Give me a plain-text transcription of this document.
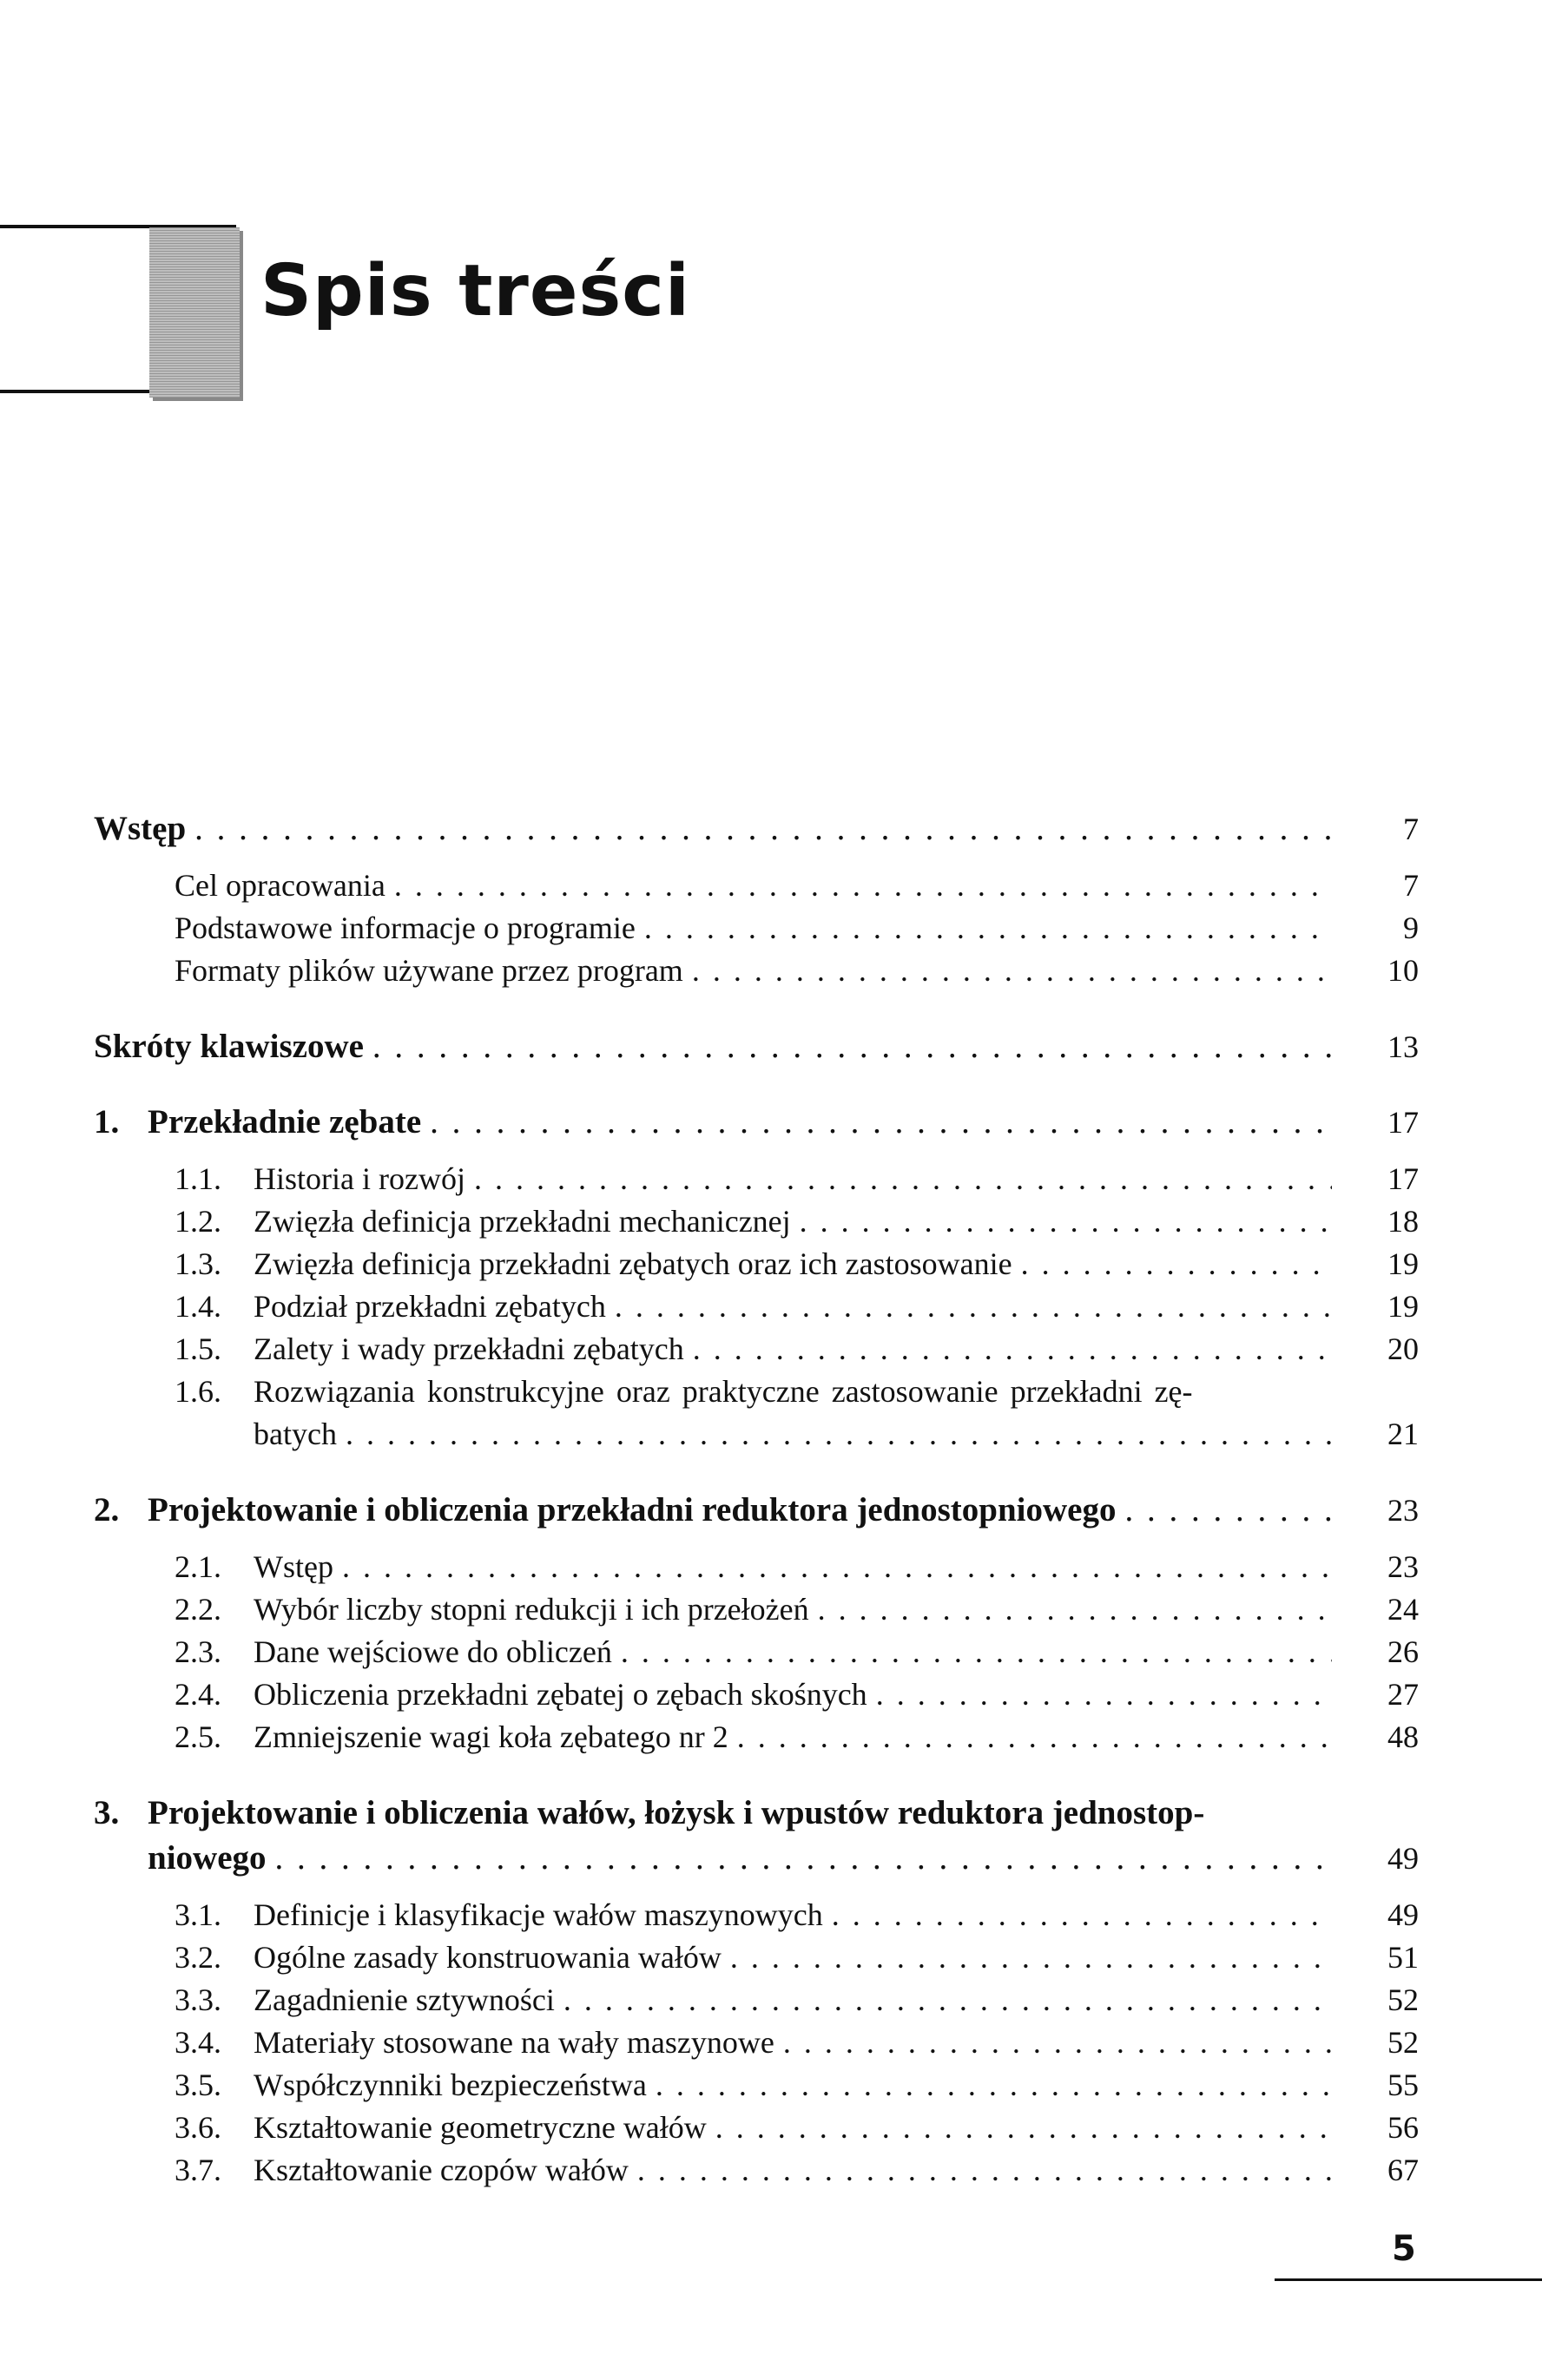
Spis treści
Wstęp . . .	7
Cel opracowania . . .	7
Podstawowe informacje o programie . . .	9
Formaty plików używane przez program . . .	10
Skróty klawiszowe . . .	13
1. Przekładnie zębate . . .	17
1.1.	Historia i rozwój . . .	17
1.2.	Zwięzła definicja przekładni mechanicznej . . .	18
1.3.	Zwięzła definicja przekładni zębatych oraz ich zastosowanie . . .	19
1.4.	Podział przekładni zębatych . . .	19
1.5.	Zalety i wady przekładni zębatych . . .	20
1.6.	Rozwiązania konstrukcyjne oraz praktyczne zastosowanie przekładni zę-
batych . . .	21
2. Projektowanie i obliczenia przekładni reduktora jednostopniowego . . .	23
2.1.	Wstęp . . .	23
2.2.	Wybór liczby stopni redukcji i ich przełożeń . . .	24
2.3.	Dane wejściowe do obliczeń . . .	26
2.4.	Obliczenia przekładni zębatej o zębach skośnych . . .	27
2.5.	Zmniejszenie wagi koła zębatego nr 2 . . .	48
3. Projektowanie i obliczenia wałów, łożysk i wpustów reduktora jednostop-
niowego . . .	49
3.1.	Definicje i klasyfikacje wałów maszynowych . . .	49
3.2.	Ogólne zasady konstruowania wałów . . .	51
3.3.	Zagadnienie sztywności . . .	52
3.4.	Materiały stosowane na wały maszynowe . . .	52
3.5.	Współczynniki bezpieczeństwa . . .	55
3.6.	Kształtowanie geometryczne wałów . . .	56
3.7.	Kształtowanie czopów wałów . . .	67
5
